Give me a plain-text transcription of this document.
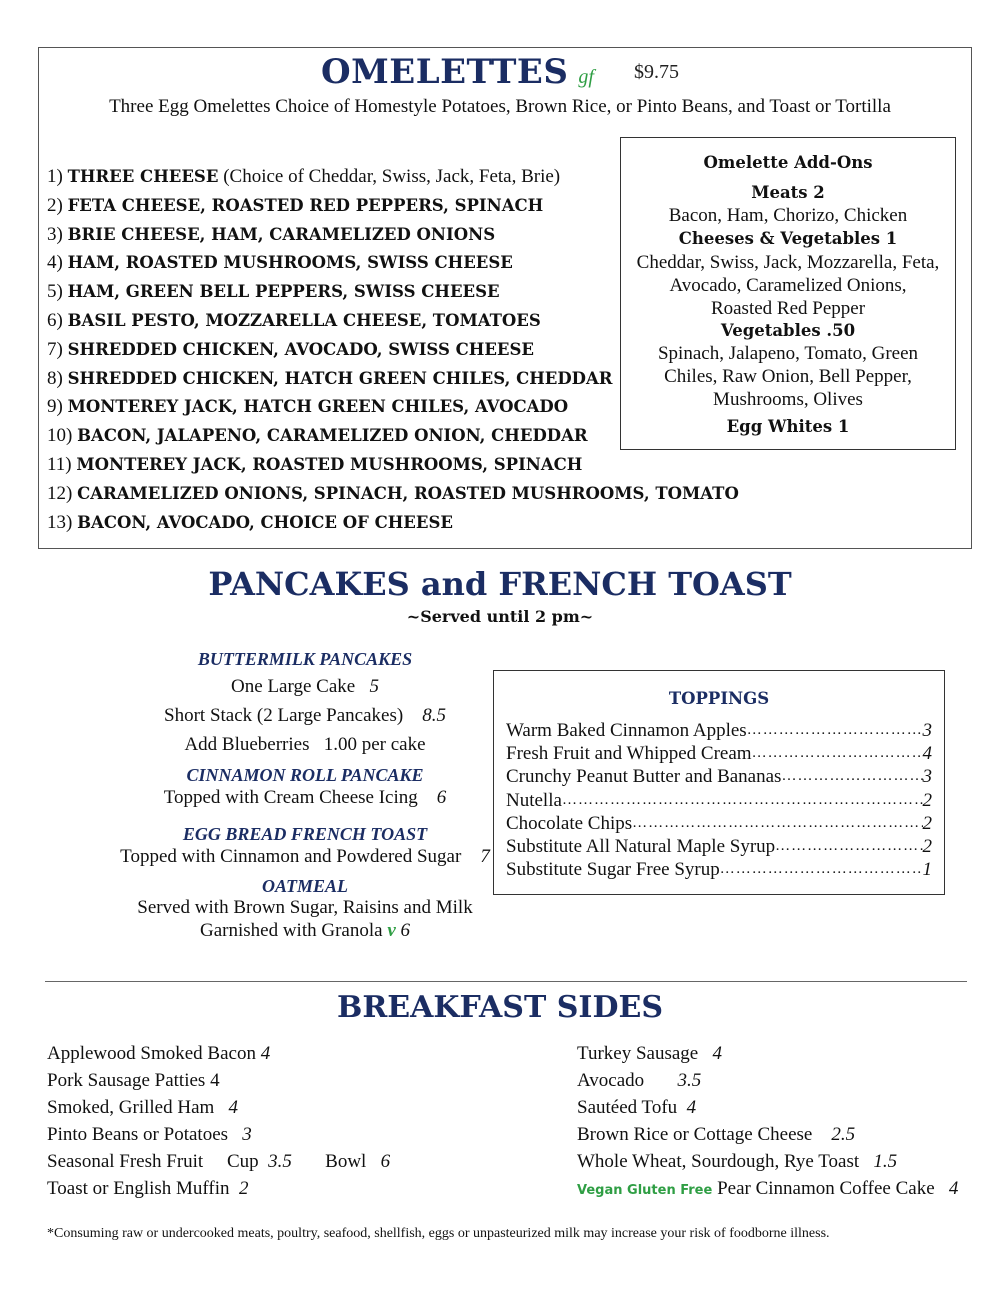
OMELETTES gf $9.75
Three Egg Omelettes Choice of Homestyle Potatoes, Brown Rice, or Pinto Beans, and Toast or Tortilla
1) THREE CHEESE (Choice of Cheddar, Swiss, Jack, Feta, Brie)
2) FETA CHEESE, ROASTED RED PEPPERS, SPINACH
3) BRIE CHEESE, HAM, CARAMELIZED ONIONS
4) HAM, ROASTED MUSHROOMS, SWISS CHEESE
5) HAM, GREEN BELL PEPPERS, SWISS CHEESE
6) BASIL PESTO, MOZZARELLA CHEESE, TOMATOES
7) SHREDDED CHICKEN, AVOCADO, SWISS CHEESE
8) SHREDDED CHICKEN, HATCH GREEN CHILES, CHEDDAR
9) MONTEREY JACK, HATCH GREEN CHILES, AVOCADO
10) BACON, JALAPENO, CARAMELIZED ONION, CHEDDAR
11) MONTEREY JACK, ROASTED MUSHROOMS, SPINACH
12) CARAMELIZED ONIONS, SPINACH, ROASTED MUSHROOMS, TOMATO
13) BACON, AVOCADO, CHOICE OF CHEESE
Omelette Add-Ons
Meats 2
Bacon, Ham, Chorizo, Chicken
Cheeses & Vegetables 1
Cheddar, Swiss, Jack, Mozzarella, Feta,
Avocado, Caramelized Onions,
Roasted Red Pepper
Vegetables .50
Spinach, Jalapeno, Tomato, Green
Chiles, Raw Onion, Bell Pepper,
Mushrooms, Olives
Egg Whites 1
PANCAKES and FRENCH TOAST
~Served until 2 pm~
BUTTERMILK PANCAKES
One Large Cake 5
Short Stack (2 Large Pancakes) 8.5
Add Blueberries   1.00 per cake
CINNAMON ROLL PANCAKE
Topped with Cream Cheese Icing 6
EGG BREAD FRENCH TOAST
Topped with Cinnamon and Powdered Sugar 7
OATMEAL
Served with Brown Sugar, Raisins and Milk
Garnished with Granola v 6
TOPPINGS
Warm Baked Cinnamon Apples ……………………………………………………………………………………………………	3
Fresh Fruit and Whipped Cream ……………………………………………………………………………………………………	4
Crunchy Peanut Butter and Bananas ……………………………………………………………………………………………………	3
Nutella ……………………………………………………………………………………………………	2
Chocolate Chips ……………………………………………………………………………………………………	2
Substitute All Natural Maple Syrup ……………………………………………………………………………………………………	2
Substitute Sugar Free Syrup ……………………………………………………………………………………………………	1
BREAKFAST SIDES
Applewood Smoked Bacon 4
Pork Sausage Patties 4
Smoked, Grilled Ham 4
Pinto Beans or Potatoes 3
Seasonal Fresh Fruit Cup 3.5 Bowl 6
Toast or English Muffin 2
Turkey Sausage 4
Avocado 3.5
Sautéed Tofu 4
Brown Rice or Cottage Cheese 2.5
Whole Wheat, Sourdough, Rye Toast 1.5
Vegan Gluten Free Pear Cinnamon Coffee Cake 4
*Consuming raw or undercooked meats, poultry, seafood, shellfish, eggs or unpasteurized milk may increase your risk of foodborne illness.
